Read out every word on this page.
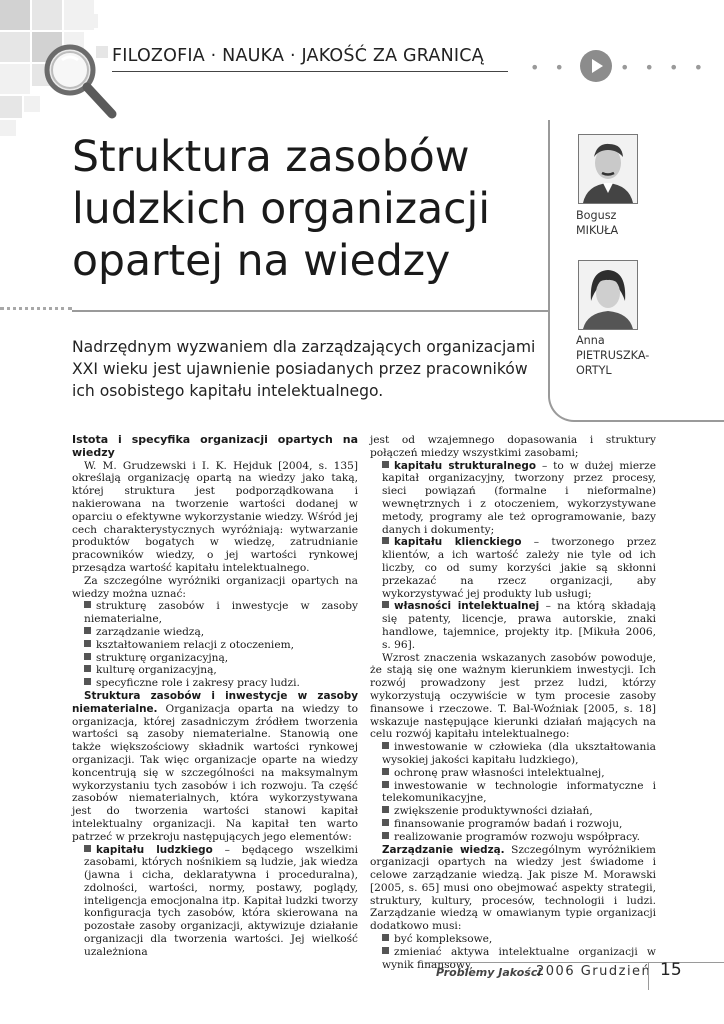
FILOZOFIA · NAUKA · JAKOŚĆ ZA GRANICĄ
• •	• • • •
Struktura zasobów ludzkich organizacji opartej na wiedzy

Nadrzędnym wyzwaniem dla zarządzających organizacjami XXI wieku jest ujawnienie posiadanych przez pracowników ich osobistego kapitału intelektualnego.

Bogusz
MIKUŁA
Anna
PIETRUSZKA-
ORTYL

Istota i specyfika organizacji opartych na wiedzy

W. M. Grudzewski i I. K. Hejduk [2004, s. 135] określają organizację opartą na wiedzy jako taką, której struktura jest podporządkowana i nakierowana na tworzenie wartości dodanej w oparciu o efektywne wykorzystanie wiedzy. Wśród jej cech charakterystycznych wyróżniają: wytwarzanie produktów bogatych w wiedzę, zatrudnianie pracowników wiedzy, o jej wartości rynkowej przesądza wartość kapitału intelektualnego.

Za szczególne wyróżniki organizacji opartych na wiedzy można uznać:

strukturę zasobów i inwestycje w zasoby niematerialne,

zarządzanie wiedzą,

kształtowaniem relacji z otoczeniem,

strukturę organizacyjną,

kulturę organizacyjną,

specyficzne role i zakresy pracy ludzi.

Struktura zasobów i inwestycje w zasoby niematerialne. Organizacja oparta na wiedzy to organizacja, której zasadniczym źródłem tworzenia wartości są zasoby niematerialne. Stanowią one także większościowy składnik wartości rynkowej organizacji. Tak więc organizacje oparte na wiedzy koncentrują się w szczególności na maksymalnym wykorzystaniu tych zasobów i ich rozwoju. Ta część zasobów niematerialnych, która wykorzystywana jest do tworzenia wartości stanowi kapitał intelektualny organizacji. Na kapitał ten warto patrzeć w przekroju następujących jego elementów:

kapitału ludzkiego – będącego wszelkimi zasobami, których nośnikiem są ludzie, jak wiedza (jawna i cicha, deklaratywna i proceduralna), zdolności, wartości, normy, postawy, poglądy, inteligencja emocjonalna itp. Kapitał ludzki tworzy konfiguracja tych zasobów, która skierowana na pozostałe zasoby organizacji, aktywizuje działanie organizacji dla tworzenia wartości. Jej wielkość uzależniona

jest od wzajemnego dopasowania i struktury połączeń miedzy wszystkimi zasobami;

kapitału strukturalnego – to w dużej mierze kapitał organizacyjny, tworzony przez procesy, sieci powiązań (formalne i nieformalne) wewnętrznych i z otoczeniem, wykorzystywane metody, programy ale też oprogramowanie, bazy danych i dokumenty;

kapitału klienckiego – tworzonego przez klientów, a ich wartość zależy nie tyle od ich liczby, co od sumy korzyści jakie są skłonni przekazać na rzecz organizacji, aby wykorzystywać jej produkty lub usługi;

własności intelektualnej – na którą składają się patenty, licencje, prawa autorskie, znaki handlowe, tajemnice, projekty itp. [Mikuła 2006, s. 96].

Wzrost znaczenia wskazanych zasobów powoduje, że stają się one ważnym kierunkiem inwestycji. Ich rozwój prowadzony jest przez ludzi, którzy wykorzystują oczywiście w tym procesie zasoby finansowe i rzeczowe. T. Bal-Woźniak [2005, s. 18] wskazuje następujące kierunki działań mających na celu rozwój kapitału intelektualnego:

inwestowanie w człowieka (dla ukształtowania wysokiej jakości kapitału ludzkiego),

ochronę praw własności intelektualnej,

inwestowanie w technologie informatyczne i telekomunikacyjne,

zwiększenie produktywności działań,

finansowanie programów badań i rozwoju,

realizowanie programów rozwoju współpracy.

Zarządzanie wiedzą. Szczególnym wyróżnikiem organizacji opartych na wiedzy jest świadome i celowe zarządzanie wiedzą. Jak pisze M. Morawski [2005, s. 65] musi ono obejmować aspekty strategii, struktury, kultury, procesów, technologii i ludzi. Zarządzanie wiedzą w omawianym typie organizacji dodatkowo musi:

być kompleksowe,

zmieniać aktywa intelektualne organizacji w wynik finansowy,

Problemy Jakości
2006 Grudzień 15
